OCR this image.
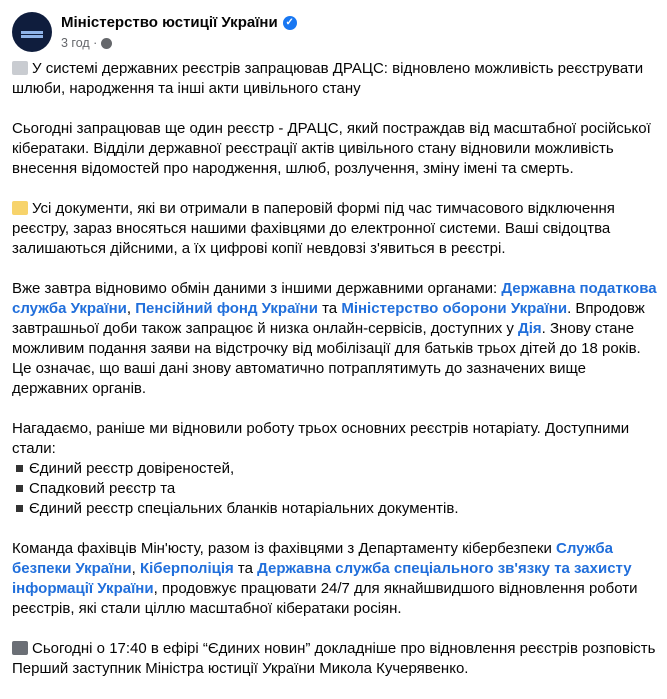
Міністерство юстиції України ✓
3 год
·

У системі державних реєстрів запрацював ДРАЦС: відновлено можливість реєструвати шлюби, народження та інші акти цивільного стану

Сьогодні запрацював ще один реєстр - ДРАЦС, який постраждав від масштабної російської кібератаки. Відділи державної реєстрації актів цивільного стану відновили можливість внесення відомостей про народження, шлюб, розлучення, зміну імені та смерть.

Усі документи, які ви отримали в паперовій формі під час тимчасового відключення реєстру, зараз вносяться нашими фахівцями до електронної системи. Ваші свідоцтва залишаються дійсними, а їх цифрові копії невдовзі з'явиться в реєстрі.

Вже завтра відновимо обмін даними з іншими державними органами: Державна податкова служба України, Пенсійний фонд України та Міністерство оборони України. Впродовж завтрашньої доби також запрацює й низка онлайн-сервісів, доступних у Дія. Знову стане можливим подання заяви на відстрочку від мобілізації для батьків трьох дітей до 18 років. Це означає, що ваші дані знову автоматично потраплятимуть до зазначених вище державних органів.

Нагадаємо, раніше ми відновили роботу трьох основних реєстрів нотаріату. Доступними стали:

Єдиний реєстр довіреностей,
Спадковий реєстр та
Єдиний реєстр спеціальних бланків нотаріальних документів.

Команда фахівців Мін'юсту, разом із фахівцями з Департаменту кібербезпеки Служба безпеки України, Кіберполіція та Державна служба спеціального зв'язку та захисту інформації України, продовжує працювати 24/7 для якнайшвидшого відновлення роботи реєстрів, які стали ціллю масштабної кібератаки росіян.

Сьогодні о 17:40 в ефірі “Єдиних новин” докладніше про відновлення реєстрів розповість Перший заступник Міністра юстиції України Микола Кучерявенко.
